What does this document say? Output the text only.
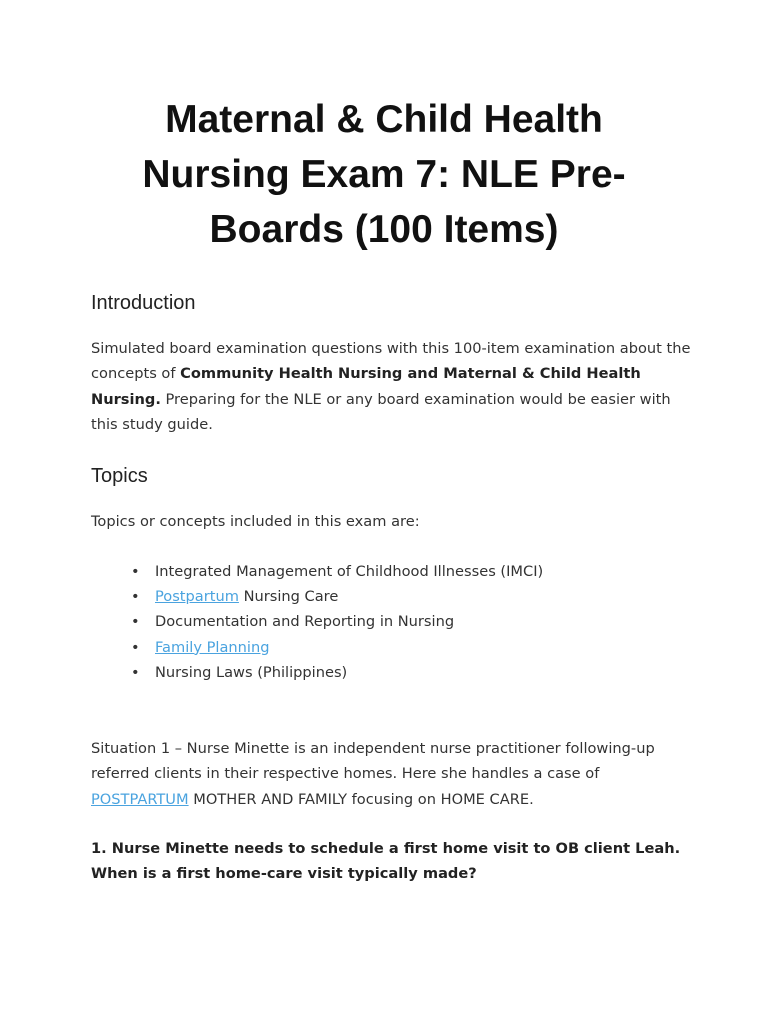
Maternal & Child Health Nursing Exam 7: NLE Pre-Boards (100 Items)
Introduction

Simulated board examination questions with this 100-item examination about the concepts of Community Health Nursing and Maternal & Child Health Nursing. Preparing for the NLE or any board examination would be easier with this study guide.

Topics

Topics or concepts included in this exam are:

• Integrated Management of Childhood Illnesses (IMCI)
• Postpartum Nursing Care
• Documentation and Reporting in Nursing
• Family Planning
• Nursing Laws (Philippines)

Situation 1 – Nurse Minette is an independent nurse practitioner following-up referred clients in their respective homes. Here she handles a case of POSTPARTUM MOTHER AND FAMILY focusing on HOME CARE.

1. Nurse Minette needs to schedule a first home visit to OB client Leah. When is a first home-care visit typically made?
